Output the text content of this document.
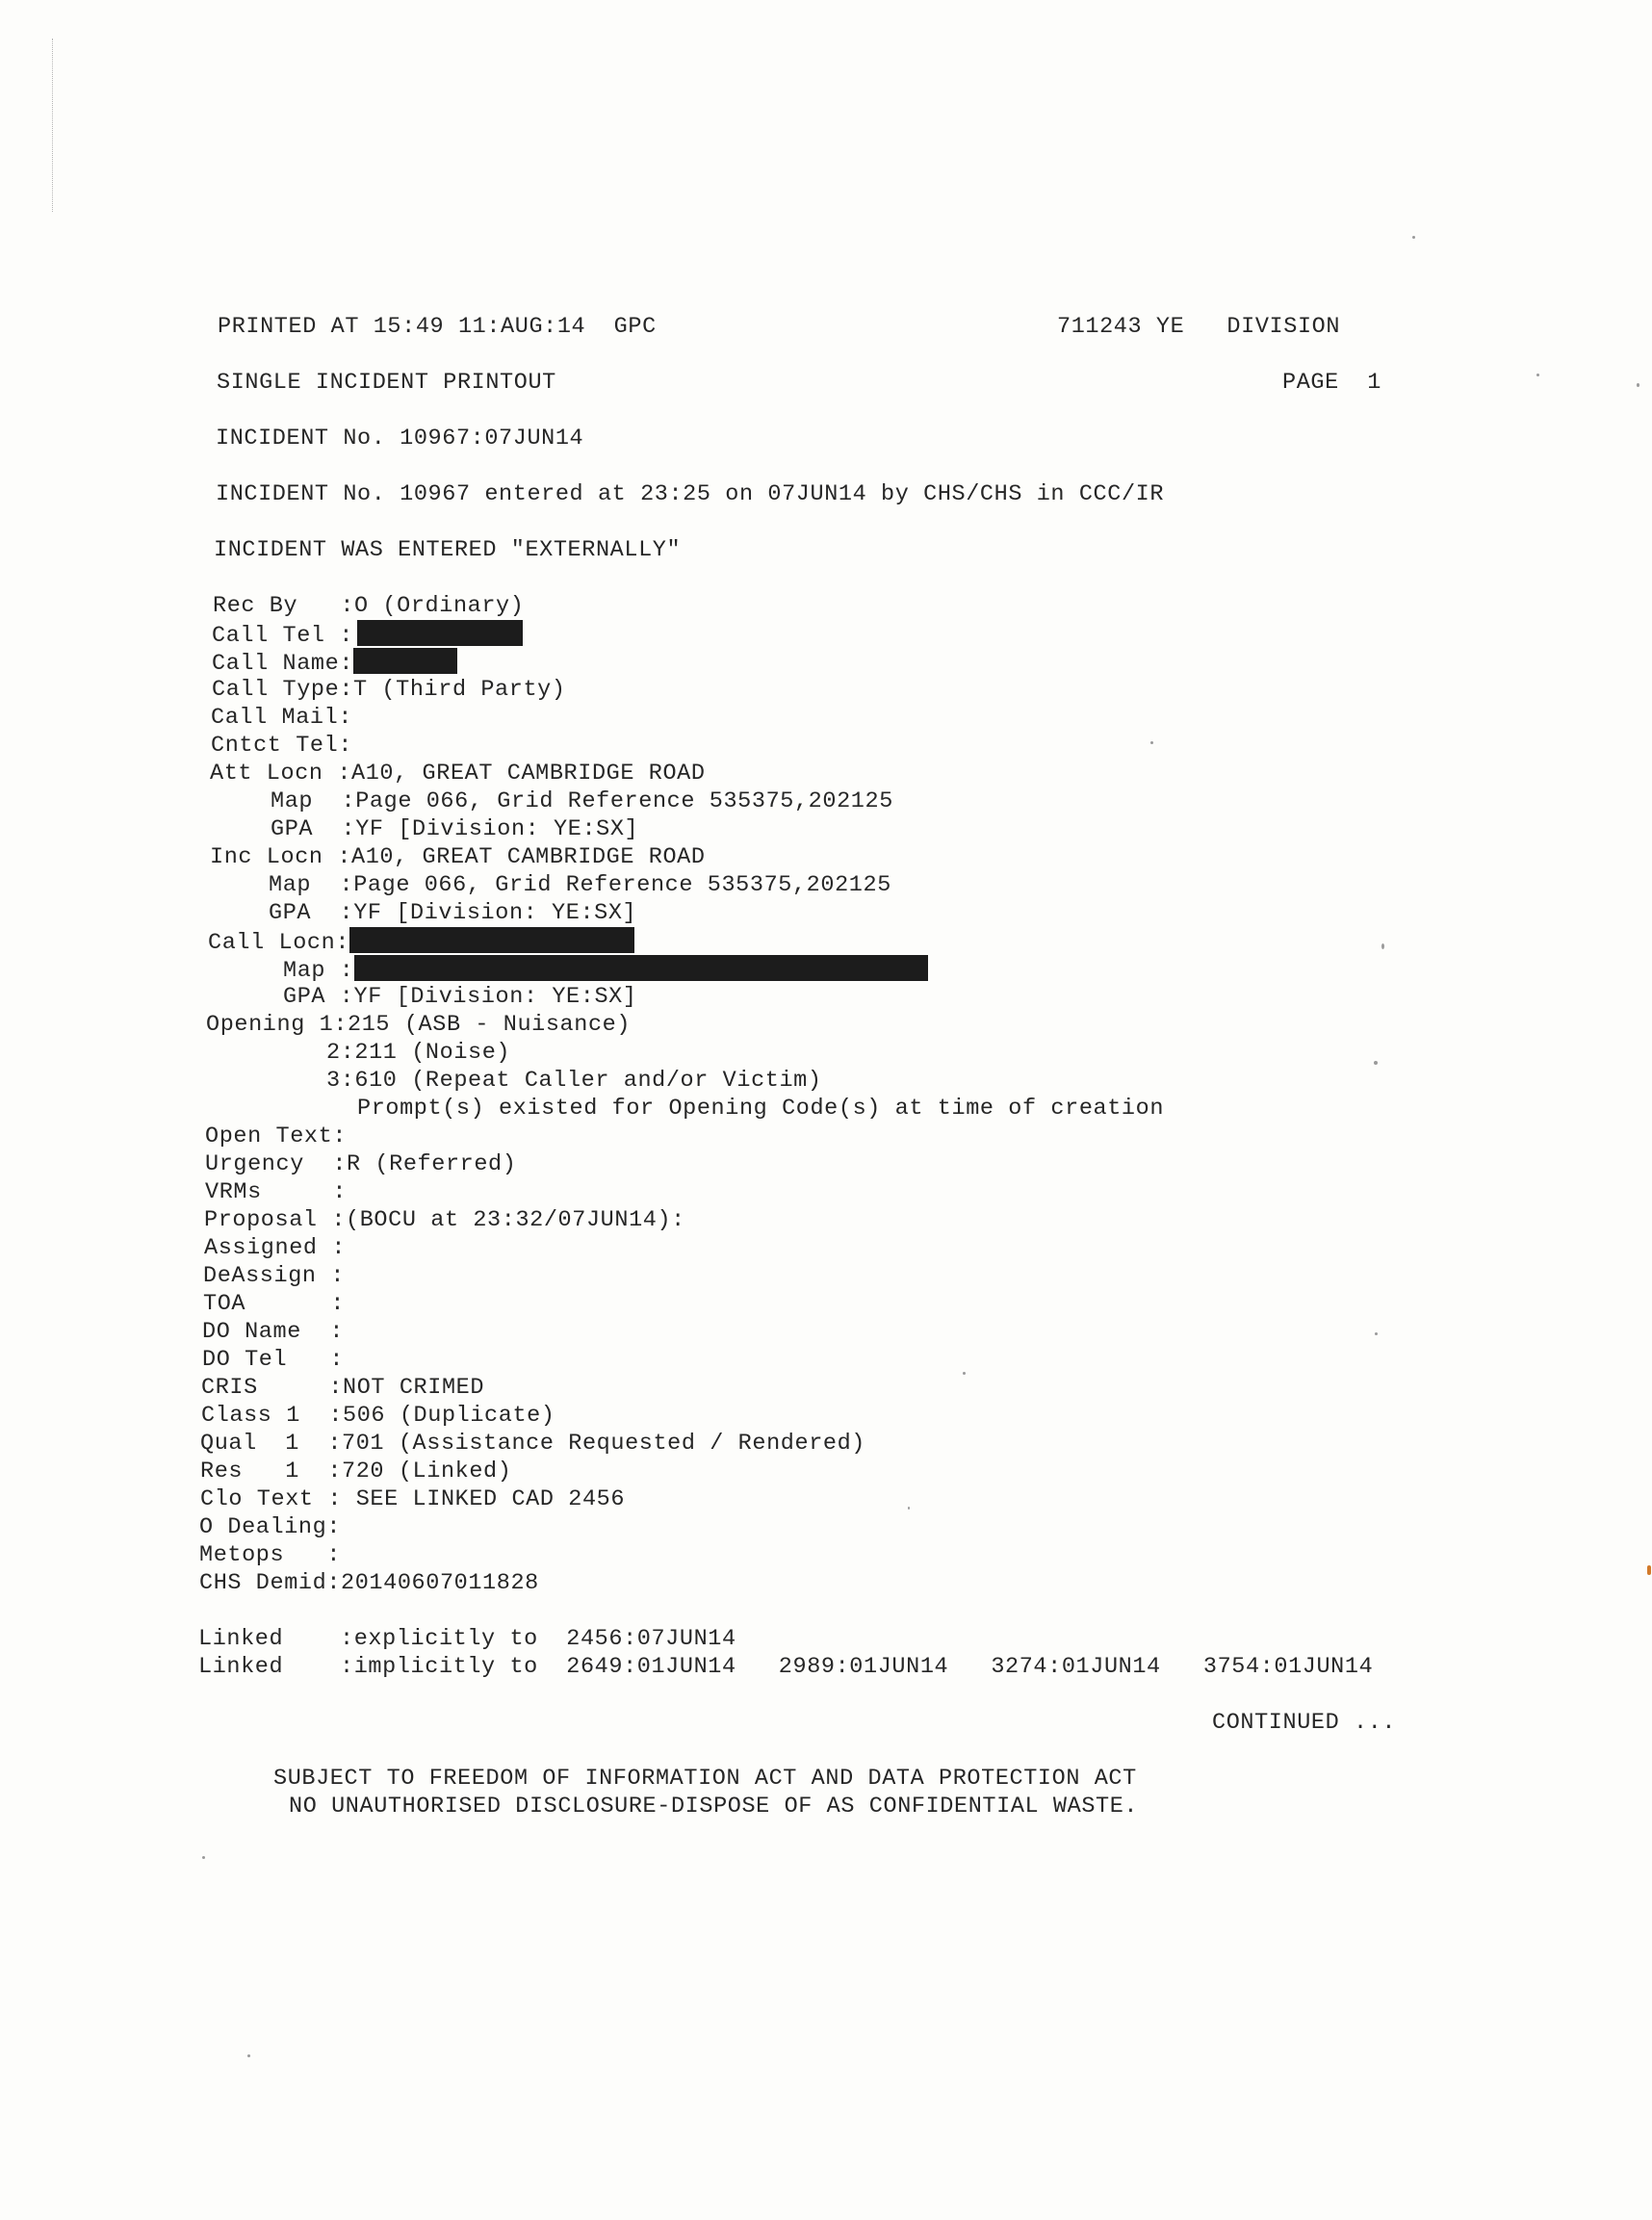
PRINTED AT 15:49 11:AUG:14  GPC	711243 YE   DIVISION
SINGLE INCIDENT PRINTOUT	PAGE  1
INCIDENT No. 10967:07JUN14
INCIDENT No. 10967 entered at 23:25 on 07JUN14 by CHS/CHS in CCC/IR
INCIDENT WAS ENTERED "EXTERNALLY"
Rec By   :O (Ordinary)
Call Tel :
Call Name:
Call Type:T (Third Party)
Call Mail:
Cntct Tel:
Att Locn :A10, GREAT CAMBRIDGE ROAD
Map  :Page 066, Grid Reference 535375,202125
GPA  :YF [Division: YE:SX]
Inc Locn :A10, GREAT CAMBRIDGE ROAD
Map  :Page 066, Grid Reference 535375,202125
GPA  :YF [Division: YE:SX]
Call Locn:
Map :
GPA :YF [Division: YE:SX]
Opening 1:215 (ASB - Nuisance)
2:211 (Noise)
3:610 (Repeat Caller and/or Victim)
Prompt(s) existed for Opening Code(s) at time of creation
Open Text:
Urgency  :R (Referred)
VRMs     :
Proposal :(BOCU at 23:32/07JUN14):
Assigned :
DeAssign :
TOA      :
DO Name  :
DO Tel   :
CRIS     :NOT CRIMED
Class 1  :506 (Duplicate)
Qual  1  :701 (Assistance Requested / Rendered)
Res   1  :720 (Linked)
Clo Text : SEE LINKED CAD 2456
O Dealing:
Metops   :
CHS Demid:20140607011828
Linked    :explicitly to  2456:07JUN14
Linked    :implicitly to  2649:01JUN14   2989:01JUN14   3274:01JUN14   3754:01JUN14
CONTINUED ...
SUBJECT TO FREEDOM OF INFORMATION ACT AND DATA PROTECTION ACT
NO UNAUTHORISED DISCLOSURE-DISPOSE OF AS CONFIDENTIAL WASTE.
